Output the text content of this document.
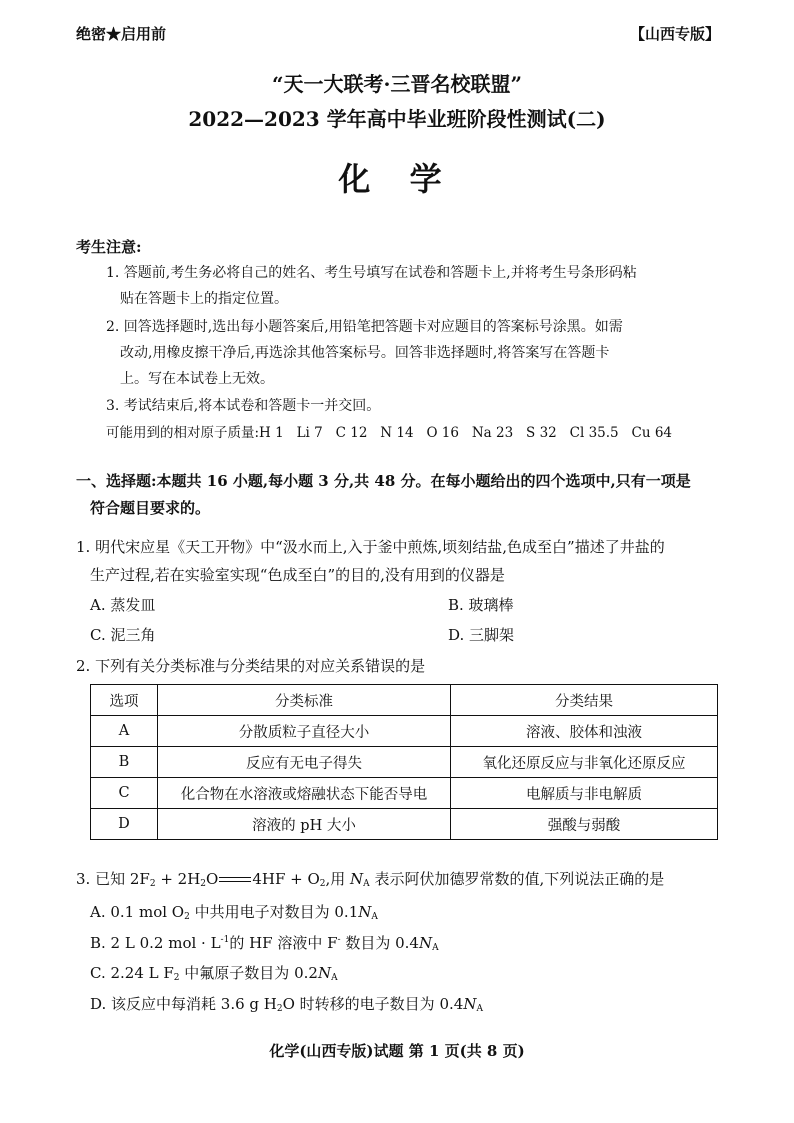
绝密★启用前	【山西专版】
“天一大联考·三晋名校联盟”
2022—2023 学年高中毕业班阶段性测试(二)
化 学
考生注意:
1. 答题前,考生务必将自己的姓名、考生号填写在试卷和答题卡上,并将考生号条形码粘
贴在答题卡上的指定位置。
2. 回答选择题时,选出每小题答案后,用铅笔把答题卡对应题目的答案标号涂黑。如需
改动,用橡皮擦干净后,再选涂其他答案标号。回答非选择题时,将答案写在答题卡
上。写在本试卷上无效。
3. 考试结束后,将本试卷和答题卡一并交回。
可能用到的相对原子质量:H 1   Li 7   C 12   N 14   O 16   Na 23   S 32   Cl 35.5   Cu 64
一、选择题:本题共 16 小题,每小题 3 分,共 48 分。在每小题给出的四个选项中,只有一项是
符合题目要求的。
1. 明代宋应星《天工开物》中“汲水而上,入于釜中煎炼,顷刻结盐,色成至白”描述了井盐的
生产过程,若在实验室实现“色成至白”的目的,没有用到的仪器是
A. 蒸发皿	B. 玻璃棒
C. 泥三角	D. 三脚架
2. 下列有关分类标准与分类结果的对应关系错误的是
选项	分类标准	分类结果
A	分散质粒子直径大小	溶液、胶体和浊液
B	反应有无电子得失	氧化还原反应与非氧化还原反应
C	化合物在水溶液或熔融状态下能否导电	电解质与非电解质
D	溶液的 pH 大小	强酸与弱酸
3. 已知 $2F_2 + 2H_2O$ $4HF + O_2$,用 $N_A$ 表示阿伏加德罗常数的值,下列说法正确的是
A. 0.1 mol $O_2$ 中共用电子对数目为 $0.1N_A$
B. 2 L 0.2 mol · $L^{-1}$的 HF 溶液中 F- 数目为 $0.4N_A$
C. 2.24 L $F_2$ 中氟原子数目为 $0.2N_A$
D. 该反应中每消耗 3.6 g $H_2O$ 时转移的电子数目为 $0.4N_A$
化学(山西专版)试题 第 1 页(共 8 页)
